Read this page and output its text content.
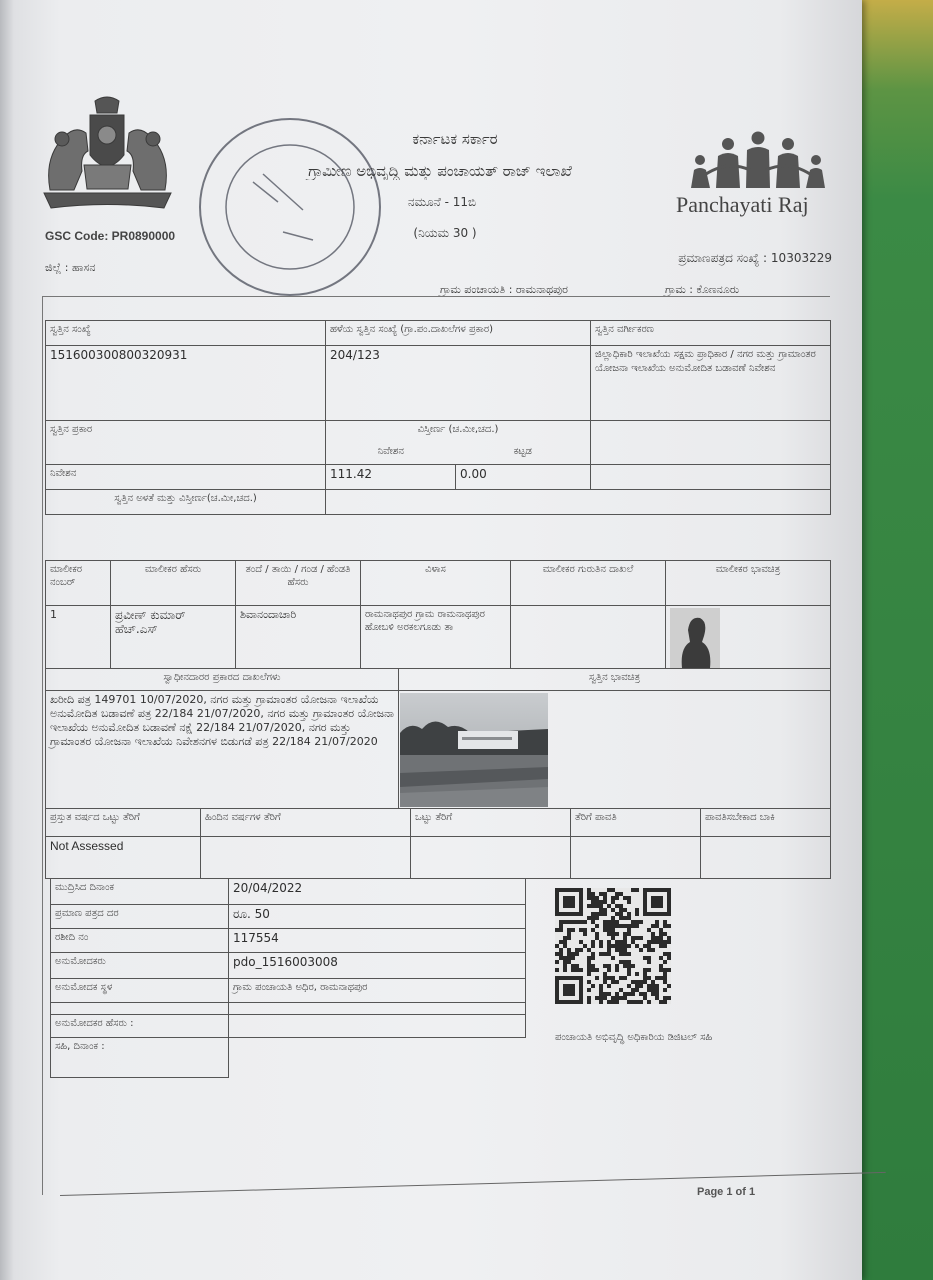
ಕರ್ನಾಟಕ ಸರ್ಕಾರ
ಗ್ರಾಮೀಣ ಅಭಿವೃದ್ಧಿ ಮತ್ತು ಪಂಚಾಯತ್ ರಾಜ್ ಇಲಾಖೆ
ನಮೂನೆ - 11ಬಿ
(ನಿಯಮ 30 )
GSC Code: PR0890000
ಜಿಲ್ಲೆ : ಹಾಸನ
ಪ್ರಮಾಣಪತ್ರದ ಸಂಖ್ಯೆ : 10303229
ಗ್ರಾಮ ಪಂಚಾಯತಿ : ರಾಮನಾಥಪುರ	ಗ್ರಾಮ : ಕೊಣನೂರು
Panchayati Raj
ಸ್ವತ್ತಿನ ಸಂಖ್ಯೆ	ಹಳೆಯ ಸ್ವತ್ತಿನ ಸಂಖ್ಯೆ (ಗ್ರಾ.ಪಂ.ದಾಖಲೆಗಳ ಪ್ರಕಾರ)		ಸ್ವತ್ತಿನ ವರ್ಗೀಕರಣ
151600300800320931	204/123		ಜಿಲ್ಲಾಧಿಕಾರಿ ಇಲಾಖೆಯ ಸಕ್ಷಮ ಪ್ರಾಧಿಕಾರ / ನಗರ ಮತ್ತು ಗ್ರಾಮಾಂತರ ಯೋಜನಾ ಇಲಾಖೆಯ ಅನುಮೋದಿತ ಬಡಾವಣೆ ನಿವೇಶನ
ಸ್ವತ್ತಿನ ಪ್ರಕಾರ	ವಿಸ್ತೀರ್ಣ (ಚ.ಮೀ,ಚದ.)		
	ನಿವೇಶನ	ಕಟ್ಟಡ	
ನಿವೇಶನ	111.42	0.00	
ಸ್ವತ್ತಿನ ಅಳತೆ ಮತ್ತು ವಿಸ್ತೀರ್ಣ(ಚ.ಮೀ,ಚದ.)			
ಮಾಲೀಕರ ನಂಬರ್	ಮಾಲೀಕರ ಹೆಸರು	ತಂದೆ / ತಾಯಿ / ಗಂಡ / ಹೆಂಡತಿ ಹೆಸರು	ವಿಳಾಸ	ಮಾಲೀಕರ ಗುರುತಿನ ದಾಖಲೆ	ಮಾಲೀಕರ ಭಾವಚಿತ್ರ
1	ಪ್ರವೀಣ್ ಕುಮಾರ್ ಹೆಚ್.ಎಸ್	ಶಿವಾನಂದಾಚಾರಿ	ರಾಮನಾಥಪುರ ಗ್ರಾಮ ರಾಮನಾಥಪುರ ಹೋಬಳಿ ಅರಕಲಗೂಡು ತಾ		
ಸ್ವಾಧೀನದಾರರ ಪ್ರಕಾರದ ದಾಖಲೆಗಳು	ಸ್ವತ್ತಿನ ಭಾವಚಿತ್ರ
ಖರೀದಿ ಪತ್ರ 149701 10/07/2020, ನಗರ ಮತ್ತು ಗ್ರಾಮಾಂತರ ಯೋಜನಾ ಇಲಾಖೆಯ ಅನುಮೋದಿತ ಬಡಾವಣೆ ಪತ್ರ 22/184 21/07/2020, ನಗರ ಮತ್ತು ಗ್ರಾಮಾಂತರ ಯೋಜನಾ ಇಲಾಖೆಯ ಅನುಮೋದಿತ ಬಡಾವಣೆ ನಕ್ಷೆ 22/184 21/07/2020, ನಗರ ಮತ್ತು ಗ್ರಾಮಾಂತರ ಯೋಜನಾ ಇಲಾಖೆಯ ನಿವೇಶನಗಳ ಬಿಡುಗಡೆ ಪತ್ರ 22/184 21/07/2020	
ಪ್ರಸ್ತುತ ವರ್ಷದ ಒಟ್ಟು ತೆರಿಗೆ	ಹಿಂದಿನ ವರ್ಷಗಳ ತೆರಿಗೆ	ಒಟ್ಟು ತೆರಿಗೆ	ತೆರಿಗೆ ಪಾವತಿ	ಪಾವತಿಸಬೇಕಾದ ಬಾಕಿ
Not Assessed				
ಮುದ್ರಿಸಿದ ದಿನಾಂಕ	20/04/2022
ಪ್ರಮಾಣ ಪತ್ರದ ದರ	ರೂ. 50
ರಶೀದಿ ನಂ	117554
ಅನುಮೋದಕರು	pdo_1516003008
ಅನುಮೋದಕ ಸ್ಥಳ	ಗ್ರಾಮ ಪಂಚಾಯತಿ ಅಧಿರ, ರಾಮನಾಥಪುರ

ಅನುಮೋದಕರ ಹೆಸರು :	
ಸಹಿ, ದಿನಾಂಕ :	
ಪಂಚಾಯತಿ ಅಭಿವೃದ್ಧಿ ಅಧಿಕಾರಿಯ ಡಿಜಿಟಲ್ ಸಹಿ
Page 1 of 1
